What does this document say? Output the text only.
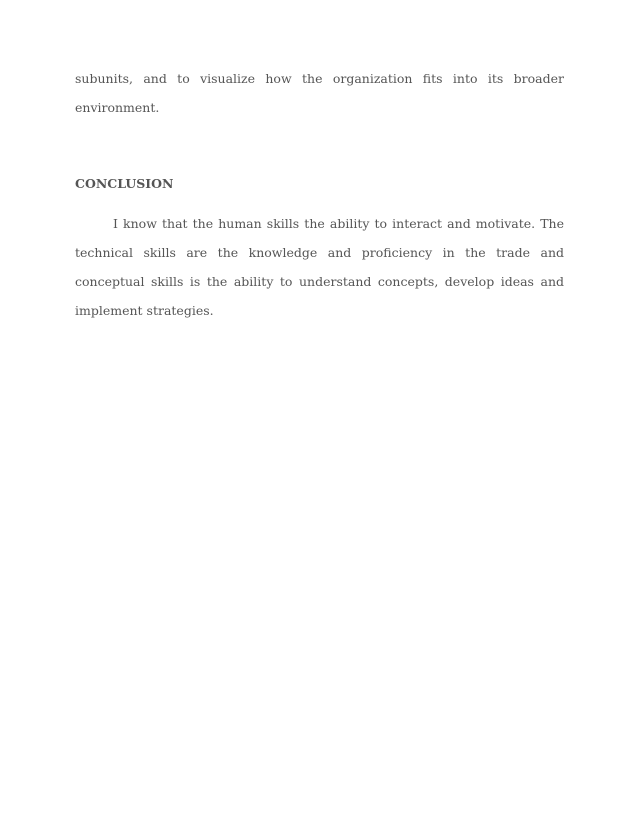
subunits, and to visualize how the organization fits into its broader environment.

CONCLUSION

I know that the human skills the ability to interact and motivate. The technical skills are the knowledge and proficiency in the trade and conceptual skills is the ability to understand concepts, develop ideas and implement strategies.
